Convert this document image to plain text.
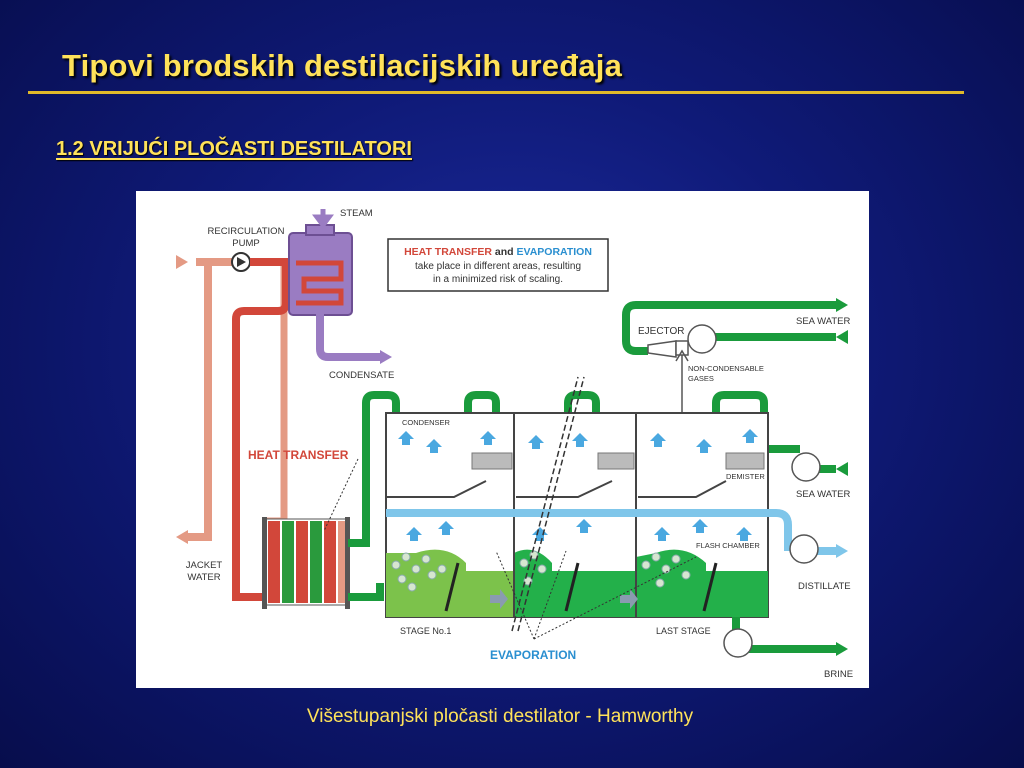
Tipovi brodskih destilacijskih uređaja
1.2 VRIJUĆI PLOČASTI DESTILATORI
HEAT TRANSFER and EVAPORATION
take place in different areas, resulting
in a minimized risk of scaling.
STEAM
RECIRCULATION
PUMP
CONDENSATE
JACKET
WATER
EJECTOR
SEA WATER
NON-CONDENSABLE
GASES
CONDENSER
DEMISTER
SEA WATER
FLASH CHAMBER
DISTILLATE
STAGE No.1	LAST STAGE
BRINE
HEAT TRANSFER
EVAPORATION
Višestupanjski pločasti destilator - Hamworthy
